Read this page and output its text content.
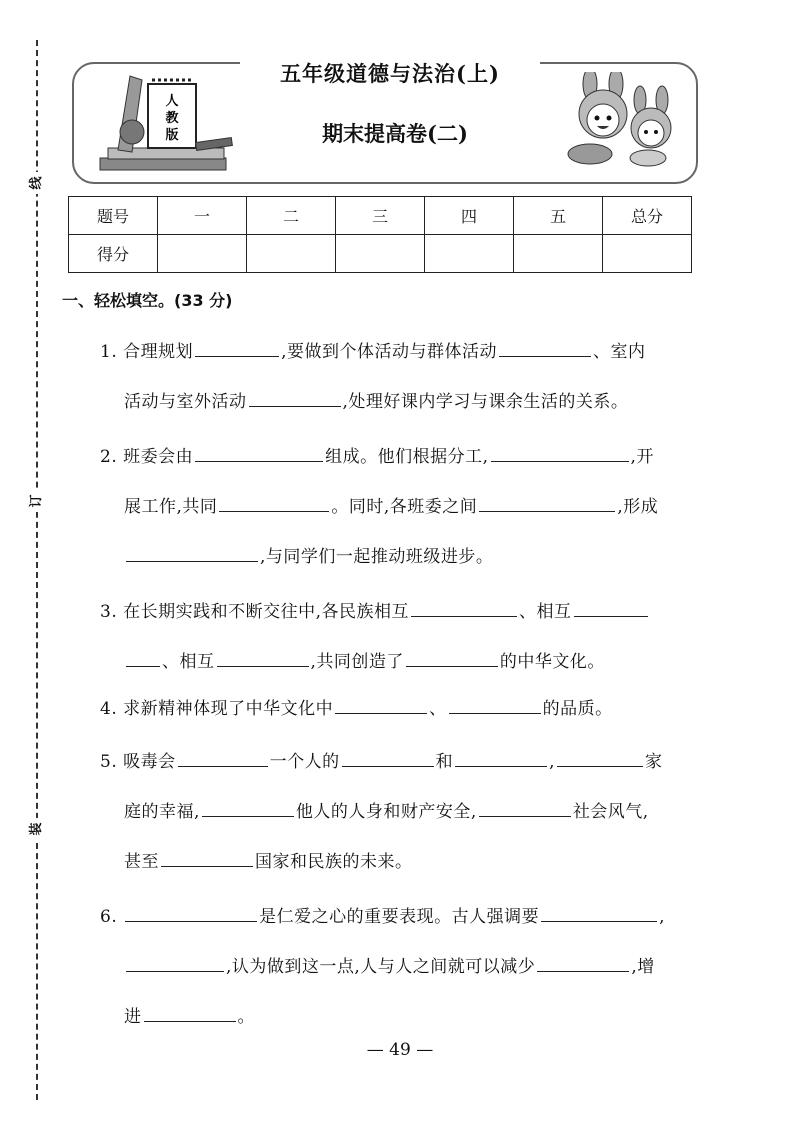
线
订
装
人
教
版
五年级道德与法治(上)
期末提高卷(二)
题号	一	二	三	四	五	总分
得分						
一、轻松填空。(33 分)
1. 合理规划	,要做到个体活动与群体活动	、室内
活动与室外活动	,处理好课内学习与课余生活的关系。
2. 班委会由	组成。他们根据分工,	,开
展工作,共同	。同时,各班委之间	,形成
,与同学们一起推动班级进步。
3. 在长期实践和不断交往中,各民族相互	、相互
、相互	,共同创造了	的中华文化。
4. 求新精神体现了中华文化中	、	的品质。
5. 吸毒会	一个人的	和	,	家
庭的幸福,	他人的人身和财产安全,	社会风气,
甚至	国家和民族的未来。
6.	是仁爱之心的重要表现。古人强调要	,
,认为做到这一点,人与人之间就可以减少	,增
进	。
— 49 —
